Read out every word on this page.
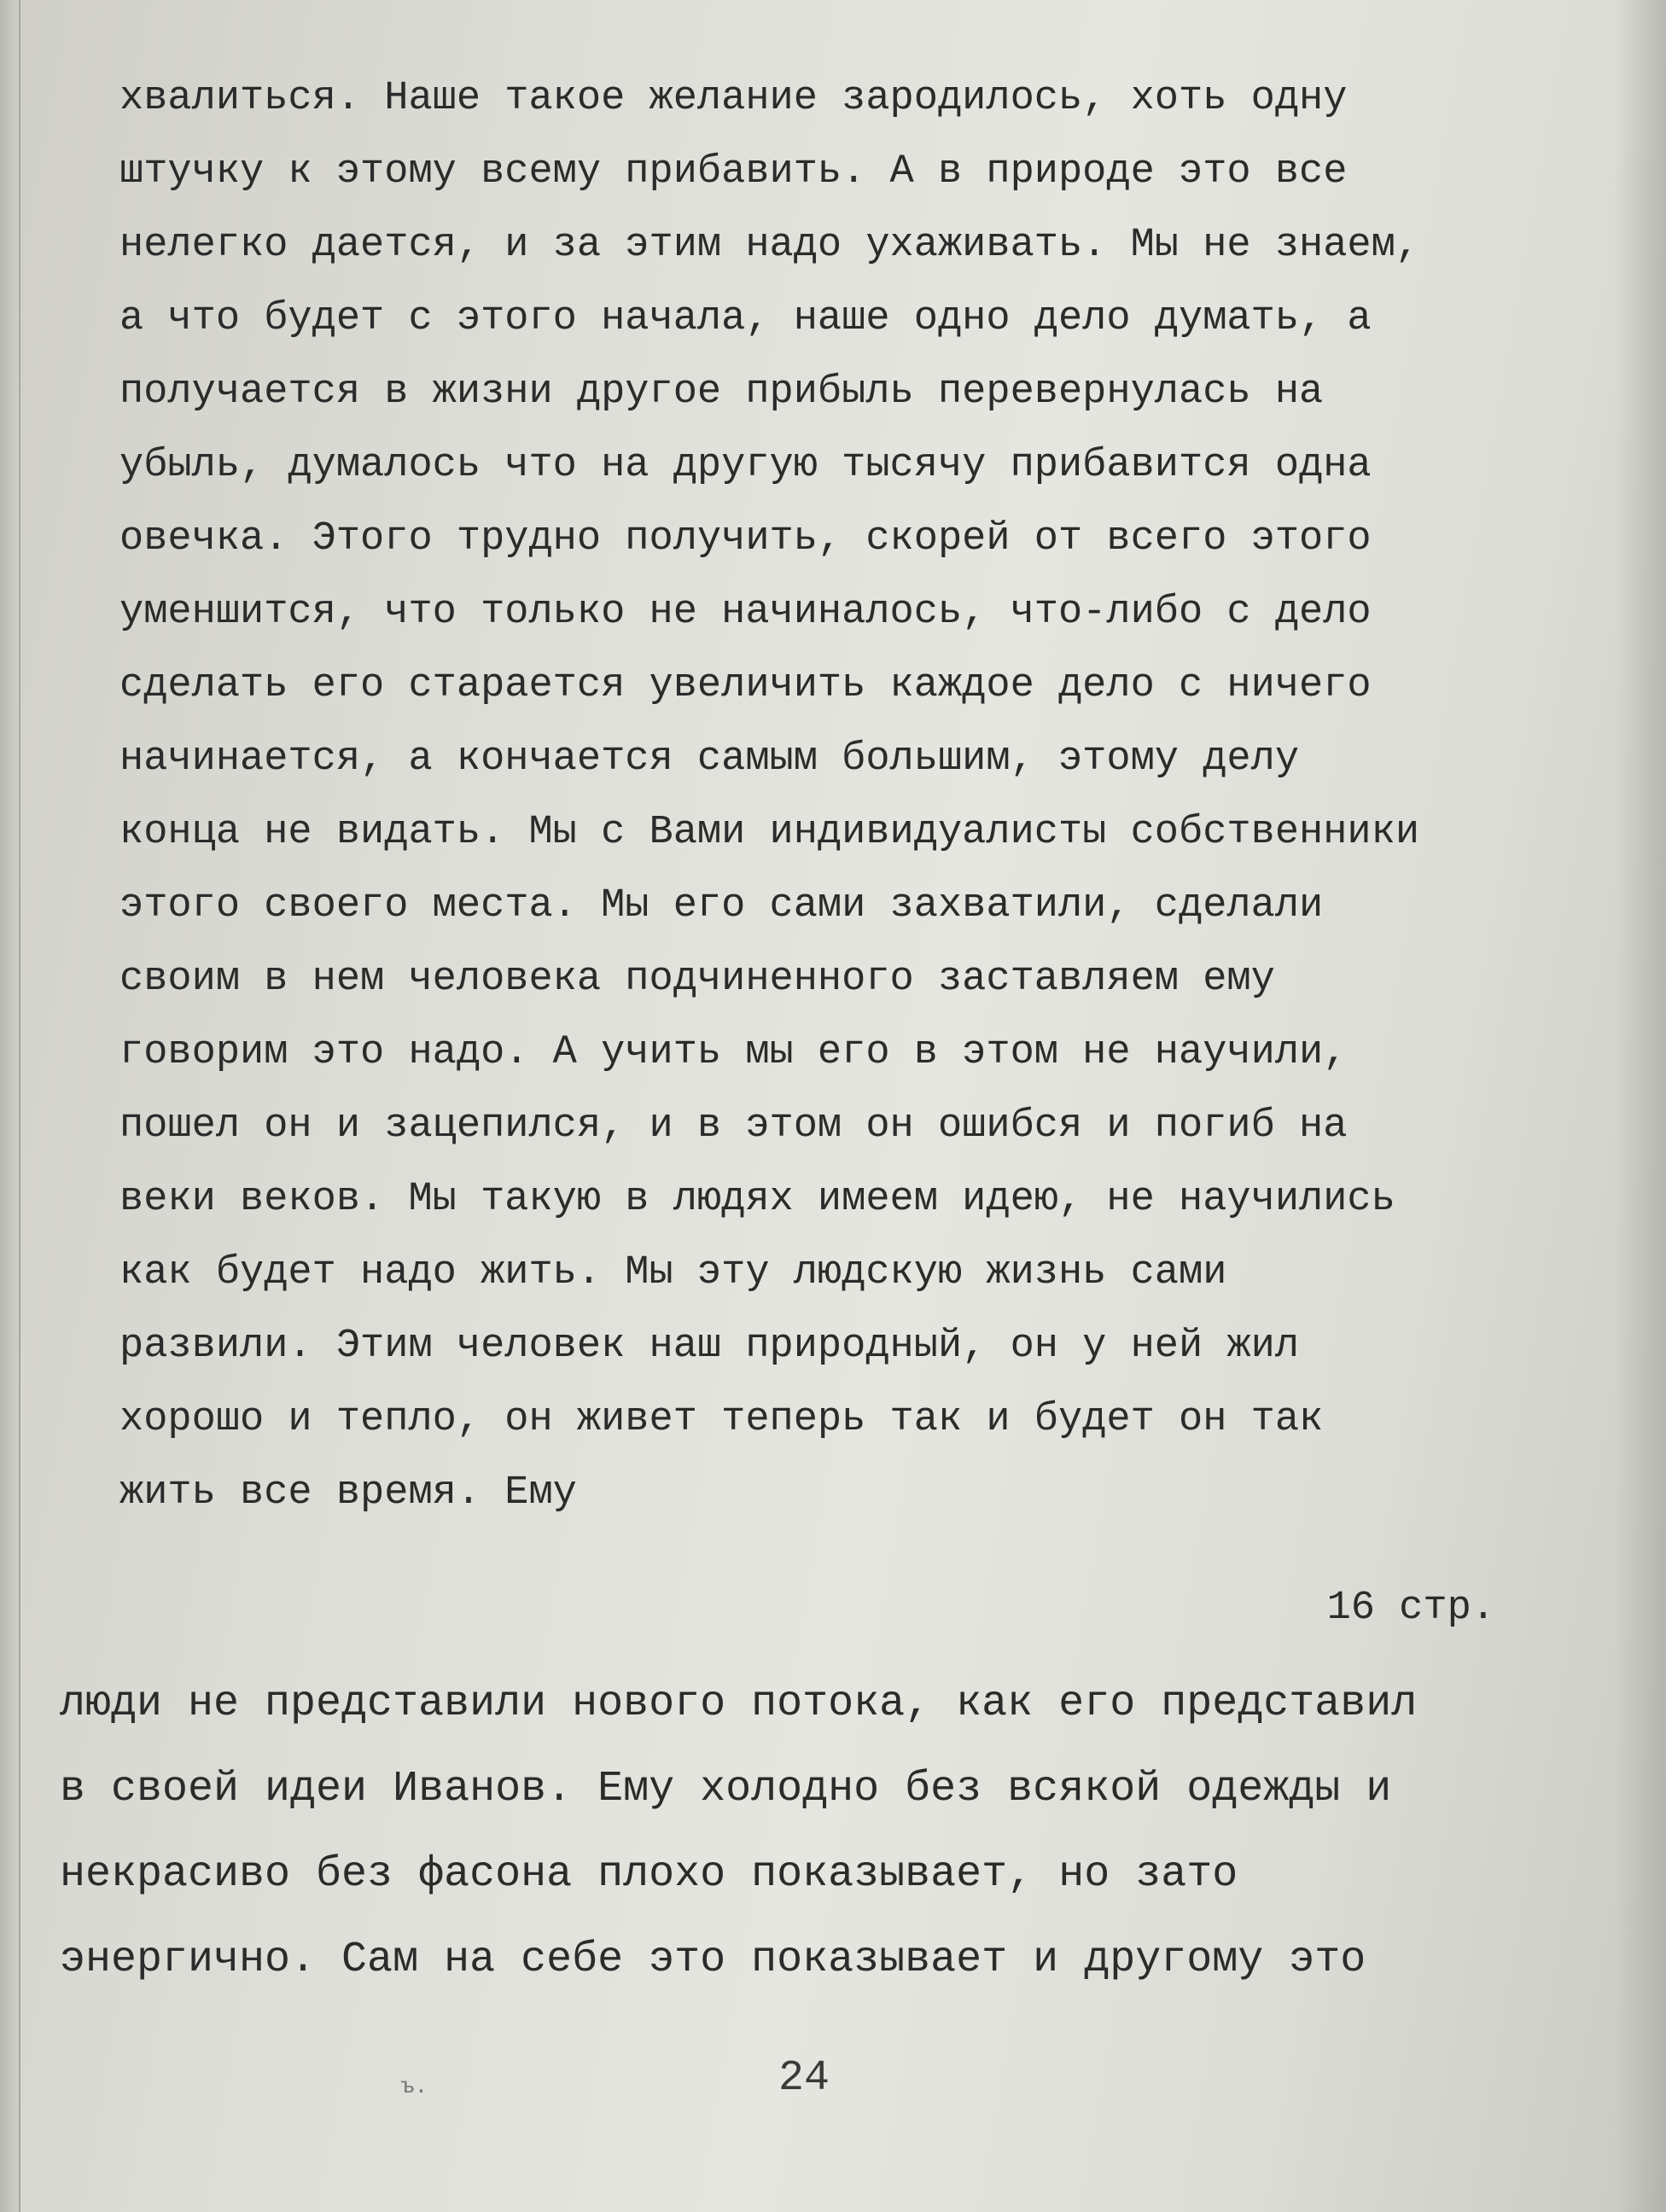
хвалиться. Наше такое желание зародилось, хоть одну
штучку к этому всему прибавить. А в природе это все
нелегко дается, и за этим надо ухаживать. Мы не знаем,
а что будет с этого начала, наше одно дело думать, а
получается в жизни другое прибыль перевернулась на
убыль, думалось что на другую тысячу прибавится одна
овечка. Этого трудно получить, скорей от всего этого
уменшится, что только не начиналось, что-либо с дело
сделать его старается увеличить каждое дело с ничего
начинается, а кончается самым большим, этому делу
конца не видать. Мы с Вами индивидуалисты собственники
этого своего места. Мы его сами захватили, сделали
своим в нем человека подчиненного заставляем ему
говорим это надо. А учить мы его в этом не научили,
пошел он и зацепился, и в этом он ошибся и погиб на
веки веков. Мы такую в людях имеем идею, не научились
как будет надо жить. Мы эту людскую жизнь сами
развили. Этим человек наш природный, он у ней жил
хорошо и тепло, он живет теперь так и будет он так
жить все время. Ему
16 стр.
люди не представили нового потока, как его представил
в своей идеи Иванов. Ему холодно без всякой одежды и
некрасиво без фасона плохо показывает, но зато
энергично. Сам на себе это показывает и другому это
24
ъ.
